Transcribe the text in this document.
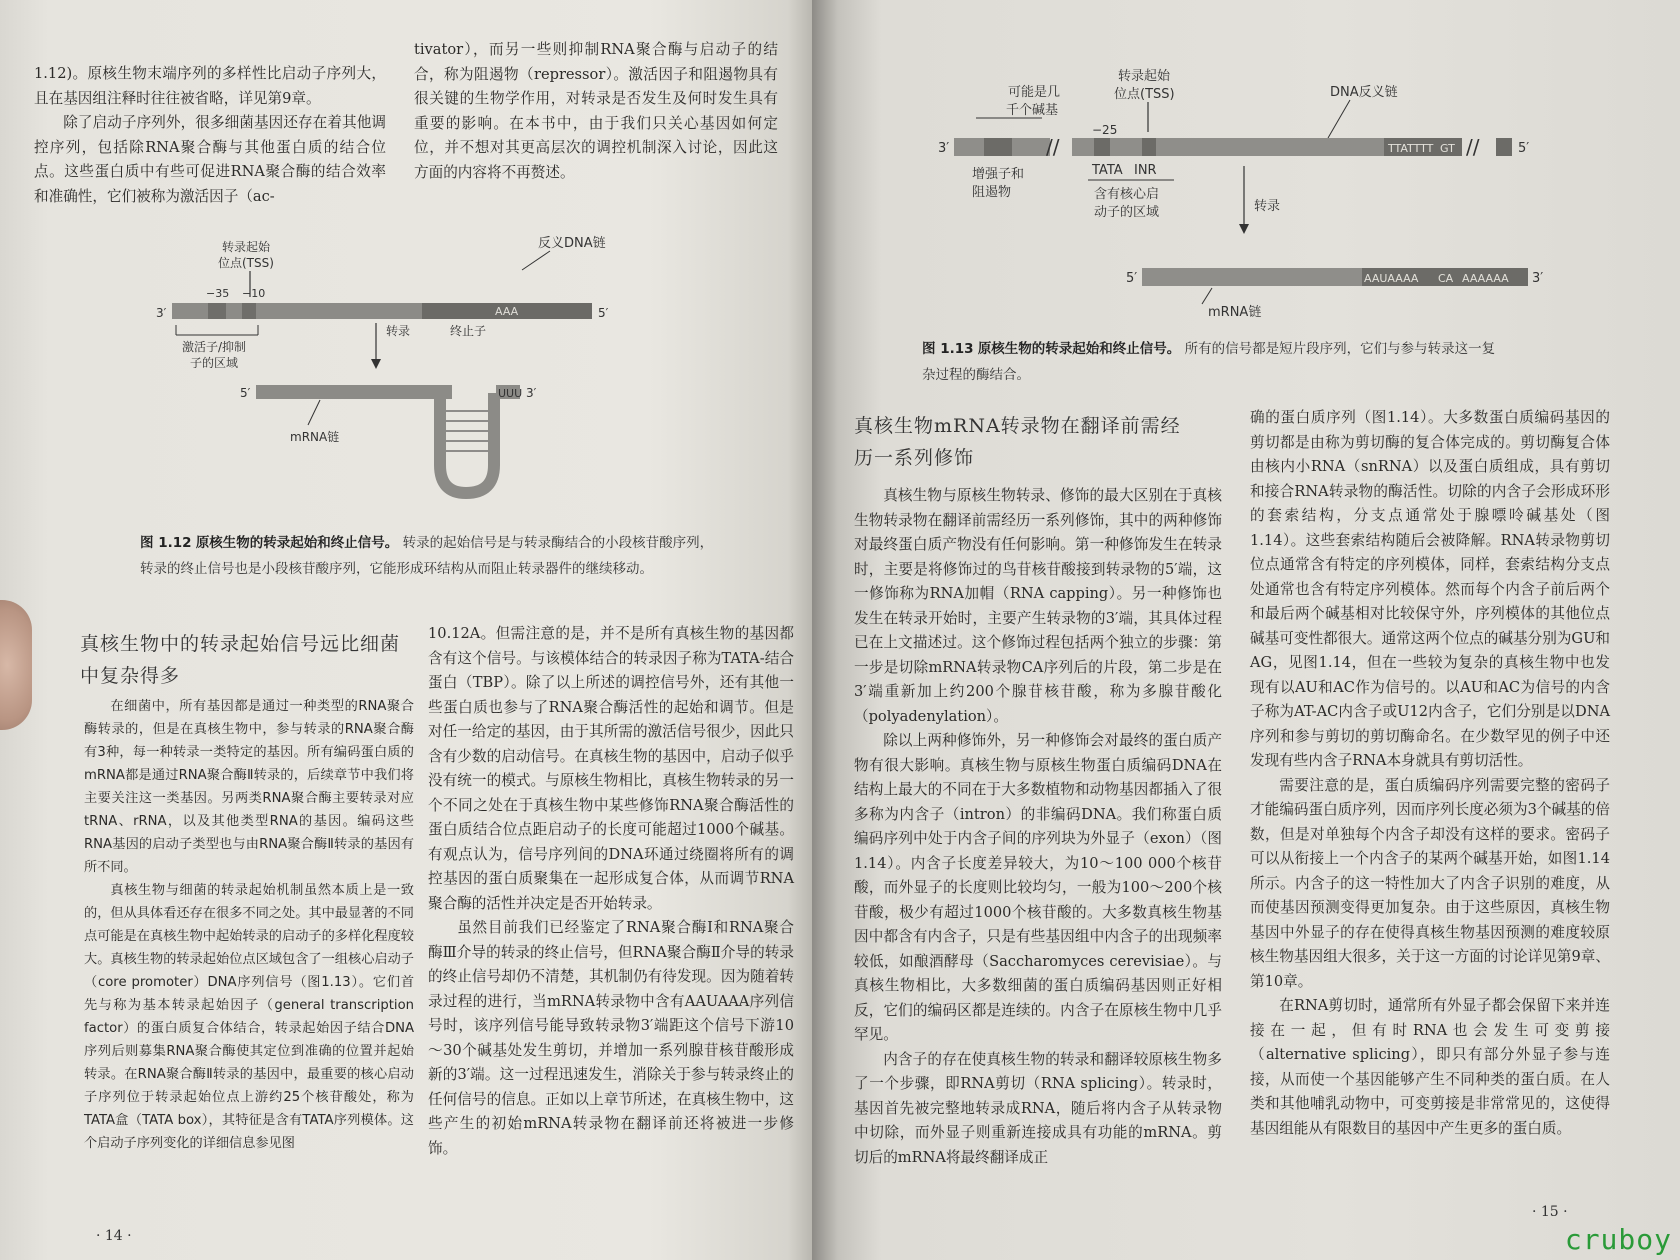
1.12)。原核生物末端序列的多样性比启动子序列大，且在基因组注释时往往被省略，详见第9章。

除了启动子序列外，很多细菌基因还存在着其他调控序列，包括除RNA聚合酶与其他蛋白质的结合位点。这些蛋白质中有些可促进RNA聚合酶的结合效率和准确性，它们被称为激活因子（ac-

tivator），而另一些则抑制RNA聚合酶与启动子的结合，称为阻遏物（repressor）。激活因子和阻遏物具有很关键的生物学作用，对转录是否发生及何时发生具有重要的影响。在本书中，由于我们只关心基因如何定位，并不想对其更高层次的调控机制深入讨论，因此这方面的内容将不再赘述。

转录起始
位点(TSS)
反义DNA链
−35 −10
3′	AAA	5′
激活子/抑制
子的区域
终止子
转录
5′	UUU 3′
mRNA链
图 1.12 原核生物的转录起始和终止信号。 转录的起始信号是与转录酶结合的小段核苷酸序列，转录的终止信号也是小段核苷酸序列，它能形成环结构从而阻止转录器件的继续移动。
真核生物中的转录起始信号远比细菌
中复杂得多

在细菌中，所有基因都是通过一种类型的RNA聚合酶转录的，但是在真核生物中，参与转录的RNA聚合酶有3种，每一种转录一类特定的基因。所有编码蛋白质的mRNA都是通过RNA聚合酶Ⅱ转录的，后续章节中我们将主要关注这一类基因。另两类RNA聚合酶主要转录对应tRNA、rRNA，以及其他类型RNA的基因。编码这些RNA基因的启动子类型也与由RNA聚合酶Ⅱ转录的基因有所不同。

真核生物与细菌的转录起始机制虽然本质上是一致的，但从具体看还存在很多不同之处。其中最显著的不同点可能是在真核生物中起始转录的启动子的多样化程度较大。真核生物的转录起始位点区域包含了一组核心启动子（core promoter）DNA序列信号（图1.13）。它们首先与称为基本转录起始因子（general transcription factor）的蛋白质复合体结合，转录起始因子结合DNA序列后则募集RNA聚合酶使其定位到准确的位置并起始转录。在RNA聚合酶Ⅱ转录的基因中，最重要的核心启动子序列位于转录起始位点上游约25个核苷酸处，称为TATA盒（TATA box），其特征是含有TATA序列模体。这个启动子序列变化的详细信息参见图

10.12A。但需注意的是，并不是所有真核生物的基因都含有这个信号。与该模体结合的转录因子称为TATA-结合蛋白（TBP）。除了以上所述的调控信号外，还有其他一些蛋白质也参与了RNA聚合酶活性的起始和调节。但是对任一给定的基因，由于其所需的激活信号很少，因此只含有少数的启动信号。在真核生物的基因中，启动子似乎没有统一的模式。与原核生物相比，真核生物转录的另一个不同之处在于真核生物中某些修饰RNA聚合酶活性的蛋白质结合位点距启动子的长度可能超过1000个碱基。有观点认为，信号序列间的DNA环通过绕圈将所有的调控基因的蛋白质聚集在一起形成复合体，从而调节RNA聚合酶的活性并决定是否开始转录。

虽然目前我们已经鉴定了RNA聚合酶Ⅰ和RNA聚合酶Ⅲ介导的转录的终止信号，但RNA聚合酶Ⅱ介导的转录的终止信号却仍不清楚，其机制仍有待发现。因为随着转录过程的进行，当mRNA转录物中含有AAUAAA序列信号时，该序列信号能导致转录物3′端距这个信号下游10～30个碱基处发生剪切，并增加一系列腺苷核苷酸形成新的3′端。这一过程迅速发生，消除关于参与转录终止的任何信号的信息。正如以上章节所述，在真核生物中，这些产生的初始mRNA转录物在翻译前还将被进一步修饰。

· 14 ·
可能是几
千个碱基
转录起始
位点(TSS)	DNA反义链
−25
3′	//	TTATTTT GT //	5′
增强子和
阻遏物
TATA INR
含有核心启
动子的区域	转录
5′	AAUAAAA CA AAAAAA 3′
mRNA链
图 1.13 原核生物的转录起始和终止信号。 所有的信号都是短片段序列，它们与参与转录这一复杂过程的酶结合。
真核生物mRNA转录物在翻译前需经
历一系列修饰

真核生物与原核生物转录、修饰的最大区别在于真核生物转录物在翻译前需经历一系列修饰，其中的两种修饰对最终蛋白质产物没有任何影响。第一种修饰发生在转录时，主要是将修饰过的鸟苷核苷酸接到转录物的5′端，这一修饰称为RNA加帽（RNA capping）。另一种修饰也发生在转录开始时，主要产生转录物的3′端，其具体过程已在上文描述过。这个修饰过程包括两个独立的步骤：第一步是切除mRNA转录物CA序列后的片段，第二步是在3′端重新加上约200个腺苷核苷酸，称为多腺苷酸化（polyadenylation）。

除以上两种修饰外，另一种修饰会对最终的蛋白质产物有很大影响。真核生物与原核生物蛋白质编码DNA在结构上最大的不同在于大多数植物和动物基因都插入了很多称为内含子（intron）的非编码DNA。我们称蛋白质编码序列中处于内含子间的序列块为外显子（exon）（图1.14）。内含子长度差异较大，为10～100 000个核苷酸，而外显子的长度则比较均匀，一般为100～200个核苷酸，极少有超过1000个核苷酸的。大多数真核生物基因中都含有内含子，只是有些基因组中内含子的出现频率较低，如酿酒酵母（Saccharomyces cerevisiae）。与真核生物相比，大多数细菌的蛋白质编码基因则正好相反，它们的编码区都是连续的。内含子在原核生物中几乎罕见。

内含子的存在使真核生物的转录和翻译较原核生物多了一个步骤，即RNA剪切（RNA splicing）。转录时，基因首先被完整地转录成RNA，随后将内含子从转录物中切除，而外显子则重新连接成具有功能的mRNA。剪切后的mRNA将最终翻译成正

确的蛋白质序列（图1.14）。大多数蛋白质编码基因的剪切都是由称为剪切酶的复合体完成的。剪切酶复合体由核内小RNA（snRNA）以及蛋白质组成，具有剪切和接合RNA转录物的酶活性。切除的内含子会形成环形的套索结构，分支点通常处于腺嘌呤碱基处（图1.14）。这些套索结构随后会被降解。RNA转录物剪切位点通常含有特定的序列模体，同样，套索结构分支点处通常也含有特定序列模体。然而每个内含子前后两个和最后两个碱基相对比较保守外，序列模体的其他位点碱基可变性都很大。通常这两个位点的碱基分别为GU和AG，见图1.14，但在一些较为复杂的真核生物中也发现有以AU和AC作为信号的。以AU和AC为信号的内含子称为AT-AC内含子或U12内含子，它们分别是以DNA序列和参与剪切的剪切酶命名。在少数罕见的例子中还发现有些内含子RNA本身就具有剪切活性。

需要注意的是，蛋白质编码序列需要完整的密码子才能编码蛋白质序列，因而序列长度必须为3个碱基的倍数，但是对单独每个内含子却没有这样的要求。密码子可以从衔接上一个内含子的某两个碱基开始，如图1.14所示。内含子的这一特性加大了内含子识别的难度，从而使基因预测变得更加复杂。由于这些原因，真核生物基因中外显子的存在使得真核生物基因预测的难度较原核生物基因组大很多，关于这一方面的讨论详见第9章、第10章。

在RNA剪切时，通常所有外显子都会保留下来并连接在一起，但有时RNA也会发生可变剪接（alternative splicing），即只有部分外显子参与连接，从而使一个基因能够产生不同种类的蛋白质。在人类和其他哺乳动物中，可变剪接是非常常见的，这使得基因组能从有限数目的基因中产生更多的蛋白质。

· 15 ·
cruboy
